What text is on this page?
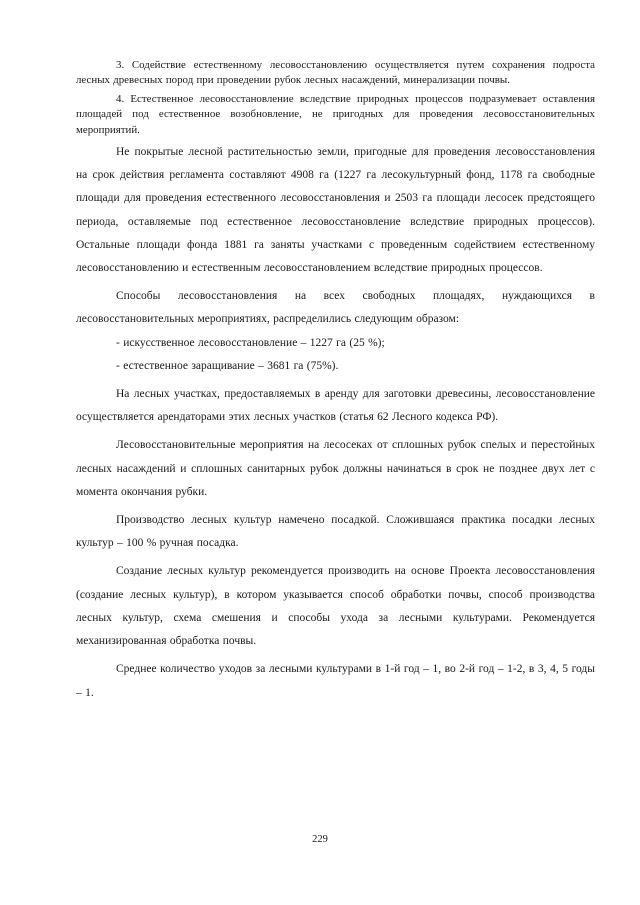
3. Содействие естественному лесовосстановлению осуществляется путем сохранения подроста лесных древесных пород при проведении рубок лесных насаждений, минерализации почвы.

4. Естественное лесовосстановление вследствие природных процессов подразумевает оставления площадей под естественное возобновление, не пригодных для проведения лесовосстановительных мероприятий.

Не покрытые лесной растительностью земли, пригодные для проведения лесовосстановления на срок действия регламента составляют 4908 га (1227 га лесокультурный фонд, 1178 га свободные площади для проведения естественного лесовосстановления и 2503 га площади лесосек предстоящего периода, оставляемые под естественное лесовосстановление вследствие природных процессов). Остальные площади фонда 1881 га заняты участками с проведенным содействием естественному лесовосстановлению и естественным лесовосстановлением вследствие природных процессов.

Способы лесовосстановления на всех свободных площадях, нуждающихся в лесовосстановительных мероприятиях, распределились следующим образом:

- искусственное лесовосстановление – 1227 га (25 %);

- естественное заращивание – 3681 га (75%).

На лесных участках, предоставляемых в аренду для заготовки древесины, лесовосстановление осуществляется арендаторами этих лесных участков (статья 62 Лесного кодекса РФ).

Лесовосстановительные мероприятия на лесосеках от сплошных рубок спелых и перестойных лесных насаждений и сплошных санитарных рубок должны начинаться в срок не позднее двух лет с момента окончания рубки.

Производство лесных культур намечено посадкой. Сложившаяся практика посадки лесных культур – 100 % ручная посадка.

Создание лесных культур рекомендуется производить на основе Проекта лесовосстановления (создание лесных культур), в котором указывается способ обработки почвы, способ производства лесных культур, схема смешения и способы ухода за лесными культурами. Рекомендуется механизированная обработка почвы.

Среднее количество уходов за лесными культурами в 1-й год – 1, во 2-й год – 1-2, в 3, 4, 5 годы – 1.

229
